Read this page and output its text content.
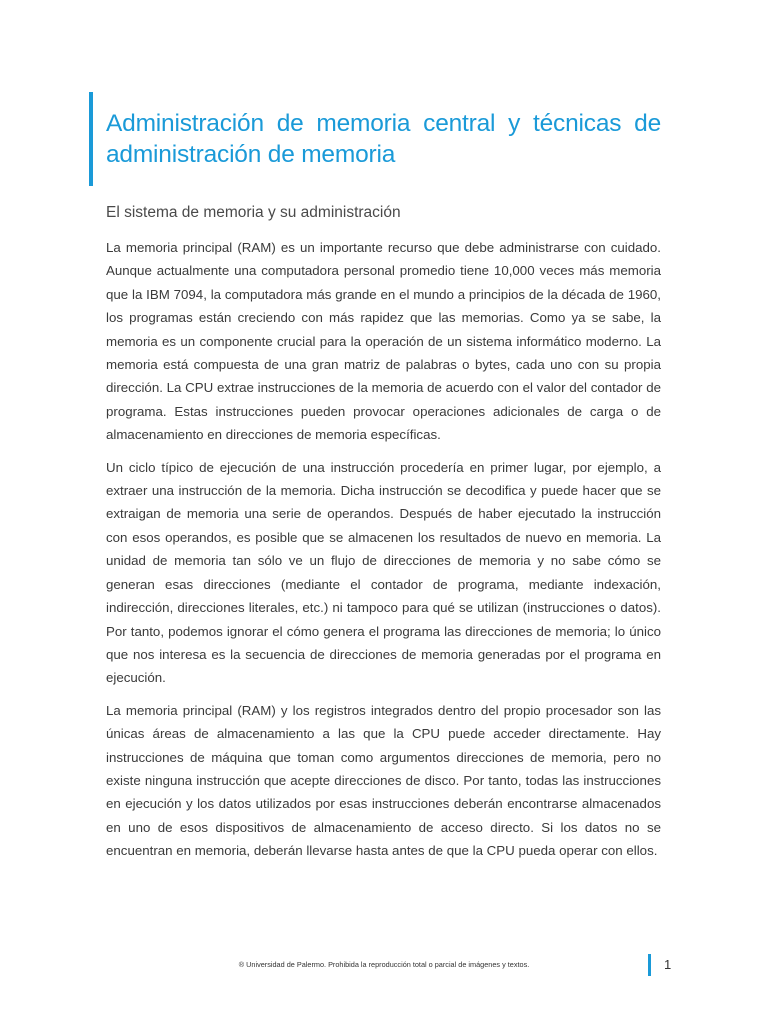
Administración de memoria central y técnicas de administración de memoria
El sistema de memoria y su administración

La memoria principal (RAM) es un importante recurso que debe administrarse con cuidado. Aunque actualmente una computadora personal promedio tiene 10,000 veces más memoria que la IBM 7094, la computadora más grande en el mundo a principios de la década de 1960, los programas están creciendo con más rapidez que las memorias. Como ya se sabe, la memoria es un componente crucial para la operación de un sistema informático moderno. La memoria está compuesta de una gran matriz de palabras o bytes, cada uno con su propia dirección. La CPU extrae instrucciones de la memoria de acuerdo con el valor del contador de programa. Estas instrucciones pueden provocar operaciones adicionales de carga o de almacenamiento en direcciones de memoria específicas.

Un ciclo típico de ejecución de una instrucción procedería en primer lugar, por ejemplo, a extraer una instrucción de la memoria. Dicha instrucción se decodifica y puede hacer que se extraigan de memoria una serie de operandos. Después de haber ejecutado la instrucción con esos operandos, es posible que se almacenen los resultados de nuevo en memoria. La unidad de memoria tan sólo ve un flujo de direcciones de memoria y no sabe cómo se generan esas direcciones (mediante el contador de programa, mediante indexación, indirección, direcciones literales, etc.) ni tampoco para qué se utilizan (instrucciones o datos). Por tanto, podemos ignorar el cómo genera el programa las direcciones de memoria; lo único que nos interesa es la secuencia de direcciones de memoria generadas por el programa en ejecución.

La memoria principal (RAM) y los registros integrados dentro del propio procesador son las únicas áreas de almacenamiento a las que la CPU puede acceder directamente. Hay instrucciones de máquina que toman como argumentos direcciones de memoria, pero no existe ninguna instrucción que acepte direcciones de disco. Por tanto, todas las instrucciones en ejecución y los datos utilizados por esas instrucciones deberán encontrarse almacenados en uno de esos dispositivos de almacenamiento de acceso directo. Si los datos no se encuentran en memoria, deberán llevarse hasta antes de que la CPU pueda operar con ellos.

® Universidad de Palermo. Prohibida la reproducción total o parcial de imágenes y textos.	1
